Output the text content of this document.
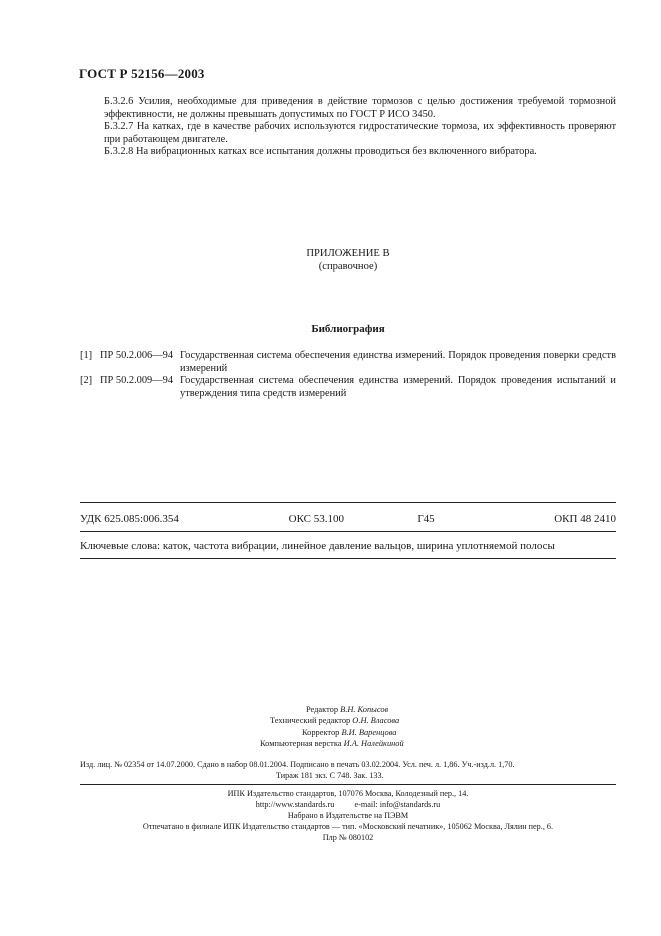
ГОСТ Р 52156—2003
Б.3.2.6 Усилия, необходимые для приведения в действие тормозов с целью достижения требуемой тормозной эффективности, не должны превышать допустимых по ГОСТ Р ИСО 3450.
Б.3.2.7 На катках, где в качестве рабочих используются гидростатические тормоза, их эффективность проверяют при работающем двигателе.
Б.3.2.8 На вибрационных катках все испытания должны проводиться без включенного вибратора.
ПРИЛОЖЕНИЕ В
(справочное)
Библиография
[1] ПР 50.2.006—94 Государственная система обеспечения единства измерений. Порядок проведения поверки средств измерений
[2] ПР 50.2.009—94 Государственная система обеспечения единства измерений. Порядок проведения испытаний и утверждения типа средств измерений
УДК 625.085:006.354	ОКС 53.100	Г45	ОКП 48 2410
Ключевые слова: каток, частота вибрации, линейное давление вальцов, ширина уплотняемой полосы
Редактор В.Н. Копысов
Технический редактор О.Н. Власова
Корректор В.И. Варенцова
Компьютерная верстка И.А. Налейкиной
Изд. лиц. № 02354 от 14.07.2000. Сдано в набор 08.01.2004. Подписано в печать 03.02.2004. Усл. печ. л. 1,86. Уч.-изд.л. 1,70.
Тираж 181 экз. С 748. Зак. 133.
ИПК Издательство стандартов, 107076 Москва, Колодезный пер., 14.
http://www.standards.ru e-mail: info@standards.ru
Набрано в Издательстве на ПЭВМ
Отпечатано в филиале ИПК Издательство стандартов — тип. «Московский печатник», 105062 Москва, Лялин пер., 6.
Плр № 080102
